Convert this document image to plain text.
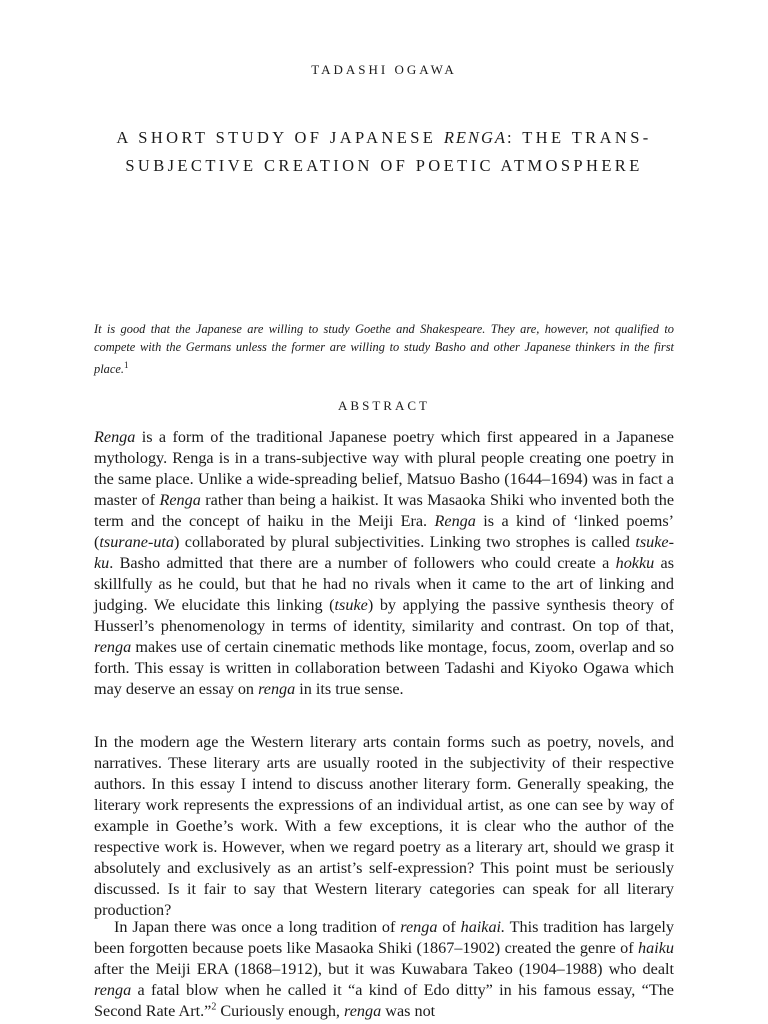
TADASHI OGAWA
A SHORT STUDY OF JAPANESE RENGA: THE TRANS-SUBJECTIVE CREATION OF POETIC ATMOSPHERE
It is good that the Japanese are willing to study Goethe and Shakespeare. They are, however, not qualified to compete with the Germans unless the former are willing to study Basho and other Japanese thinkers in the first place.$^1$
ABSTRACT
Renga is a form of the traditional Japanese poetry which first appeared in a Japanese mythology. Renga is in a trans-subjective way with plural people creating one poetry in the same place. Unlike a wide-spreading belief, Matsuo Basho (1644–1694) was in fact a master of Renga rather than being a haikist. It was Masaoka Shiki who invented both the term and the concept of haiku in the Meiji Era. Renga is a kind of ‘linked poems’ (tsurane-uta) collaborated by plural subjectivities. Linking two strophes is called tsuke-ku. Basho admitted that there are a number of followers who could create a hokku as skillfully as he could, but that he had no rivals when it came to the art of linking and judging. We elucidate this linking (tsuke) by applying the passive synthesis theory of Husserl’s phenomenology in terms of identity, similarity and contrast. On top of that, renga makes use of certain cinematic methods like montage, focus, zoom, overlap and so forth. This essay is written in collaboration between Tadashi and Kiyoko Ogawa which may deserve an essay on renga in its true sense.
In the modern age the Western literary arts contain forms such as poetry, novels, and narratives. These literary arts are usually rooted in the subjectivity of their respective authors. In this essay I intend to discuss another literary form. Generally speaking, the literary work represents the expressions of an individual artist, as one can see by way of example in Goethe’s work. With a few exceptions, it is clear who the author of the respective work is. However, when we regard poetry as a literary art, should we grasp it absolutely and exclusively as an artist’s self-expression? This point must be seriously discussed. Is it fair to say that Western literary categories can speak for all literary production?
In Japan there was once a long tradition of renga of haikai. This tradition has largely been forgotten because poets like Masaoka Shiki (1867–1902) created the genre of haiku after the Meiji ERA (1868–1912), but it was Kuwabara Takeo (1904–1988) who dealt renga a fatal blow when he called it “a kind of Edo ditty” in his famous essay, “The Second Rate Art.”$^2$ Curiously enough, renga was not
